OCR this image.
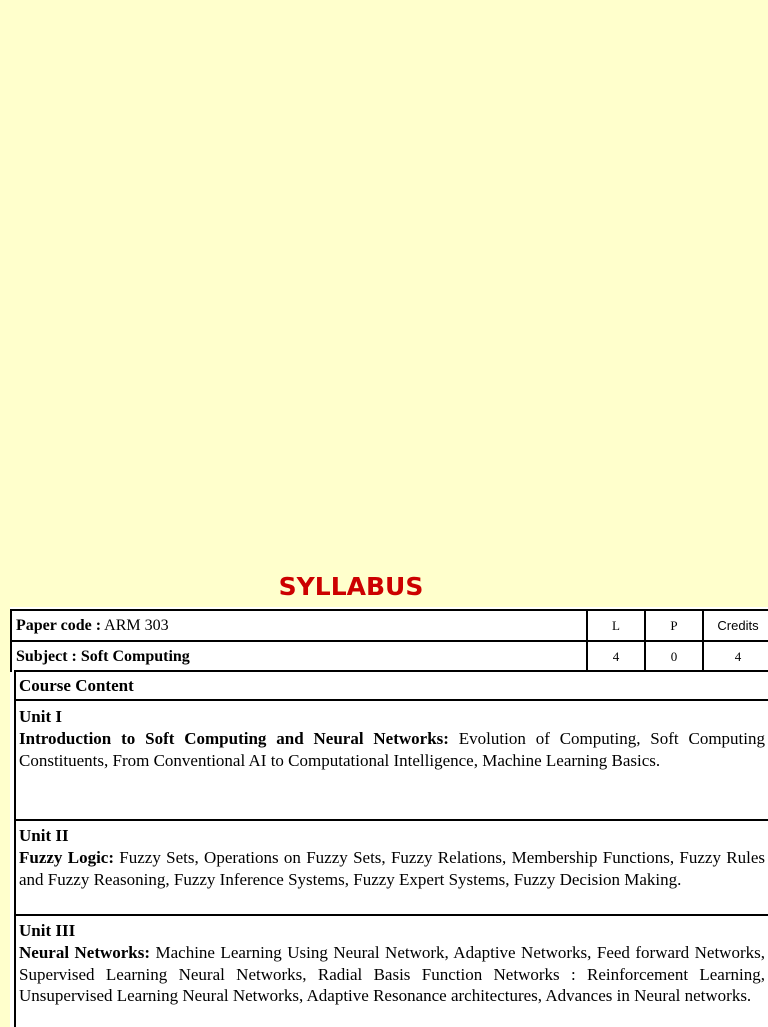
SYLLABUS
Paper code : ARM 303	L	P	Credits
Subject : Soft Computing	4	0	4
Course Content
Unit I
Introduction to Soft Computing and Neural Networks: Evolution of Computing, Soft Computing Constituents, From Conventional AI to Computational Intelligence, Machine Learning Basics.
Unit II
Fuzzy Logic: Fuzzy Sets, Operations on Fuzzy Sets, Fuzzy Relations, Membership Functions, Fuzzy Rules and Fuzzy Reasoning, Fuzzy Inference Systems, Fuzzy Expert Systems, Fuzzy Decision Making.
Unit III
Neural Networks: Machine Learning Using Neural Network, Adaptive Networks, Feed forward Networks, Supervised Learning Neural Networks, Radial Basis Function Networks : Reinforcement Learning, Unsupervised Learning Neural Networks, Adaptive Resonance architectures, Advances in Neural networks.
